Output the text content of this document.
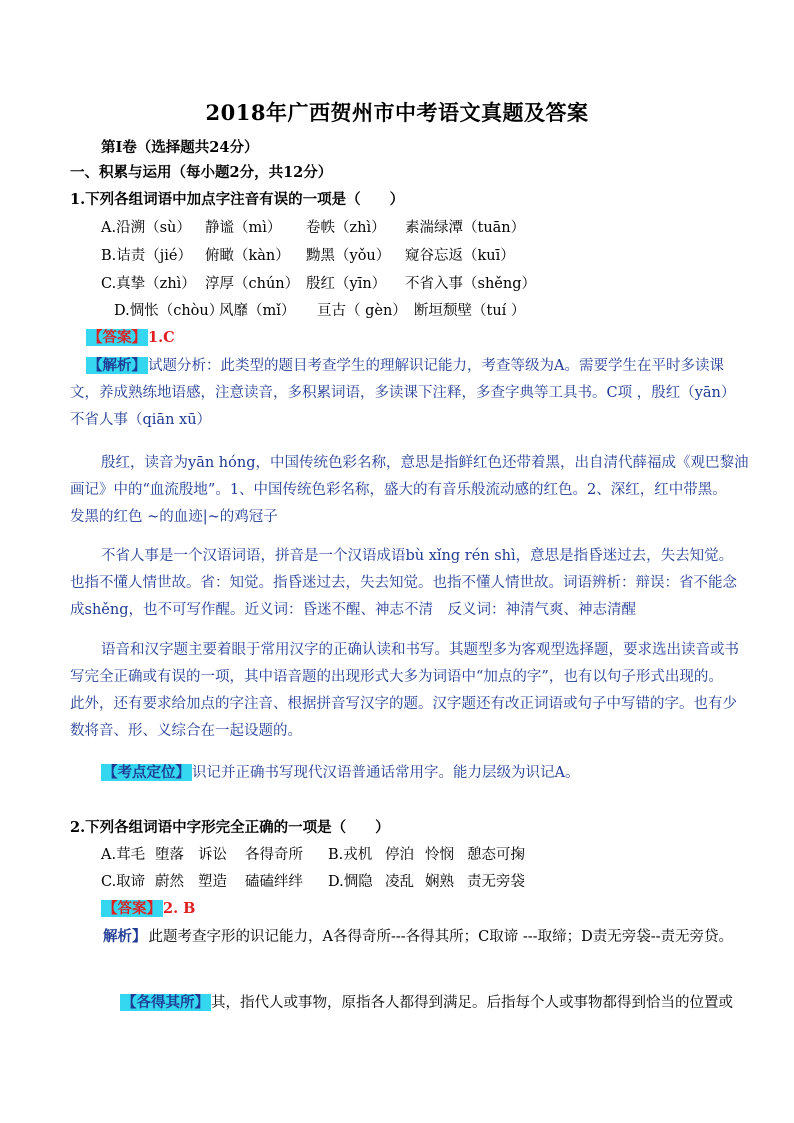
2018年广西贺州市中考语文真题及答案
第Ⅰ卷（选择题共24分）
一、积累与运用（每小题2分，共12分）
1.下列各组词语中加点字注音有误的一项是（　　）
A.沿溯（sù） 静谧（mì） 卷帙（zhì） 素湍绿潭（tuān）
B.诘责（jié） 俯瞰（kàn） 黝黑（yǒu） 窥谷忘返（kuī）
C.真挚（zhì） 淳厚（chún） 殷红（yīn） 不省入事（shěng）
D.惆怅（chòu）风靡（mǐ） 亘古（ gèn） 断垣颓壁（tuí ）
【答案】 1.C
【解析】 试题分析：此类型的题目考查学生的理解识记能力，考查等级为A。需要学生在平时多读课
文，养成熟练地语感，注意读音，多积累词语，多读课下注释，多查字典等工具书。C项 ，殷红（yān）
不省人事（qiān xū）
殷红，读音为yān hóng，中国传统色彩名称，意思是指鲜红色还带着黑，出自清代薛福成《观巴黎油
画记》中的“血流殷地”。1、中国传统色彩名称，盛大的有音乐般流动感的红色。2、深红，红中带黑。
发黑的红色 ~的血迹|~的鸡冠子
不省人事是一个汉语词语，拼音是一个汉语成语bù xǐng rén shì，意思是指昏迷过去，失去知觉。
也指不懂人情世故。省：知觉。指昏迷过去，失去知觉。也指不懂人情世故。词语辨析：辩误：省不能念
成shěng，也不可写作醒。近义词：昏迷不醒、神志不清　反义词：神清气爽、神志清醒
语音和汉字题主要着眼于常用汉字的正确认读和书写。其题型多为客观型选择题，要求选出读音或书
写完全正确或有误的一项，其中语音题的出现形式大多为词语中“加点的字”，也有以句子形式出现的。
此外，还有要求给加点的字注音、根据拼音写汉字的题。汉字题还有改正词语或句子中写错的字。也有少
数将音、形、义综合在一起设题的。
【考点定位】 识记并正确书写现代汉语普通话常用字。能力层级为识记A。
2.下列各组词语中字形完全正确的一项是（　　）
A.茸毛 堕落 诉讼 各得奇所 B.戎机 停泊 怜悯 憩态可掬
C.取谛 蔚然 塑造 磕磕绊绊 D.惆隐 凌乱 娴熟 责无旁袋
【答案】 2. B
解析】 此题考查字形的识记能力，A各得奇所---各得其所；C取谛 ---取缔；D责无旁袋--责无旁贷。
【各得其所】 其，指代人或事物，原指各人都得到满足。后指每个人或事物都得到恰当的位置或
